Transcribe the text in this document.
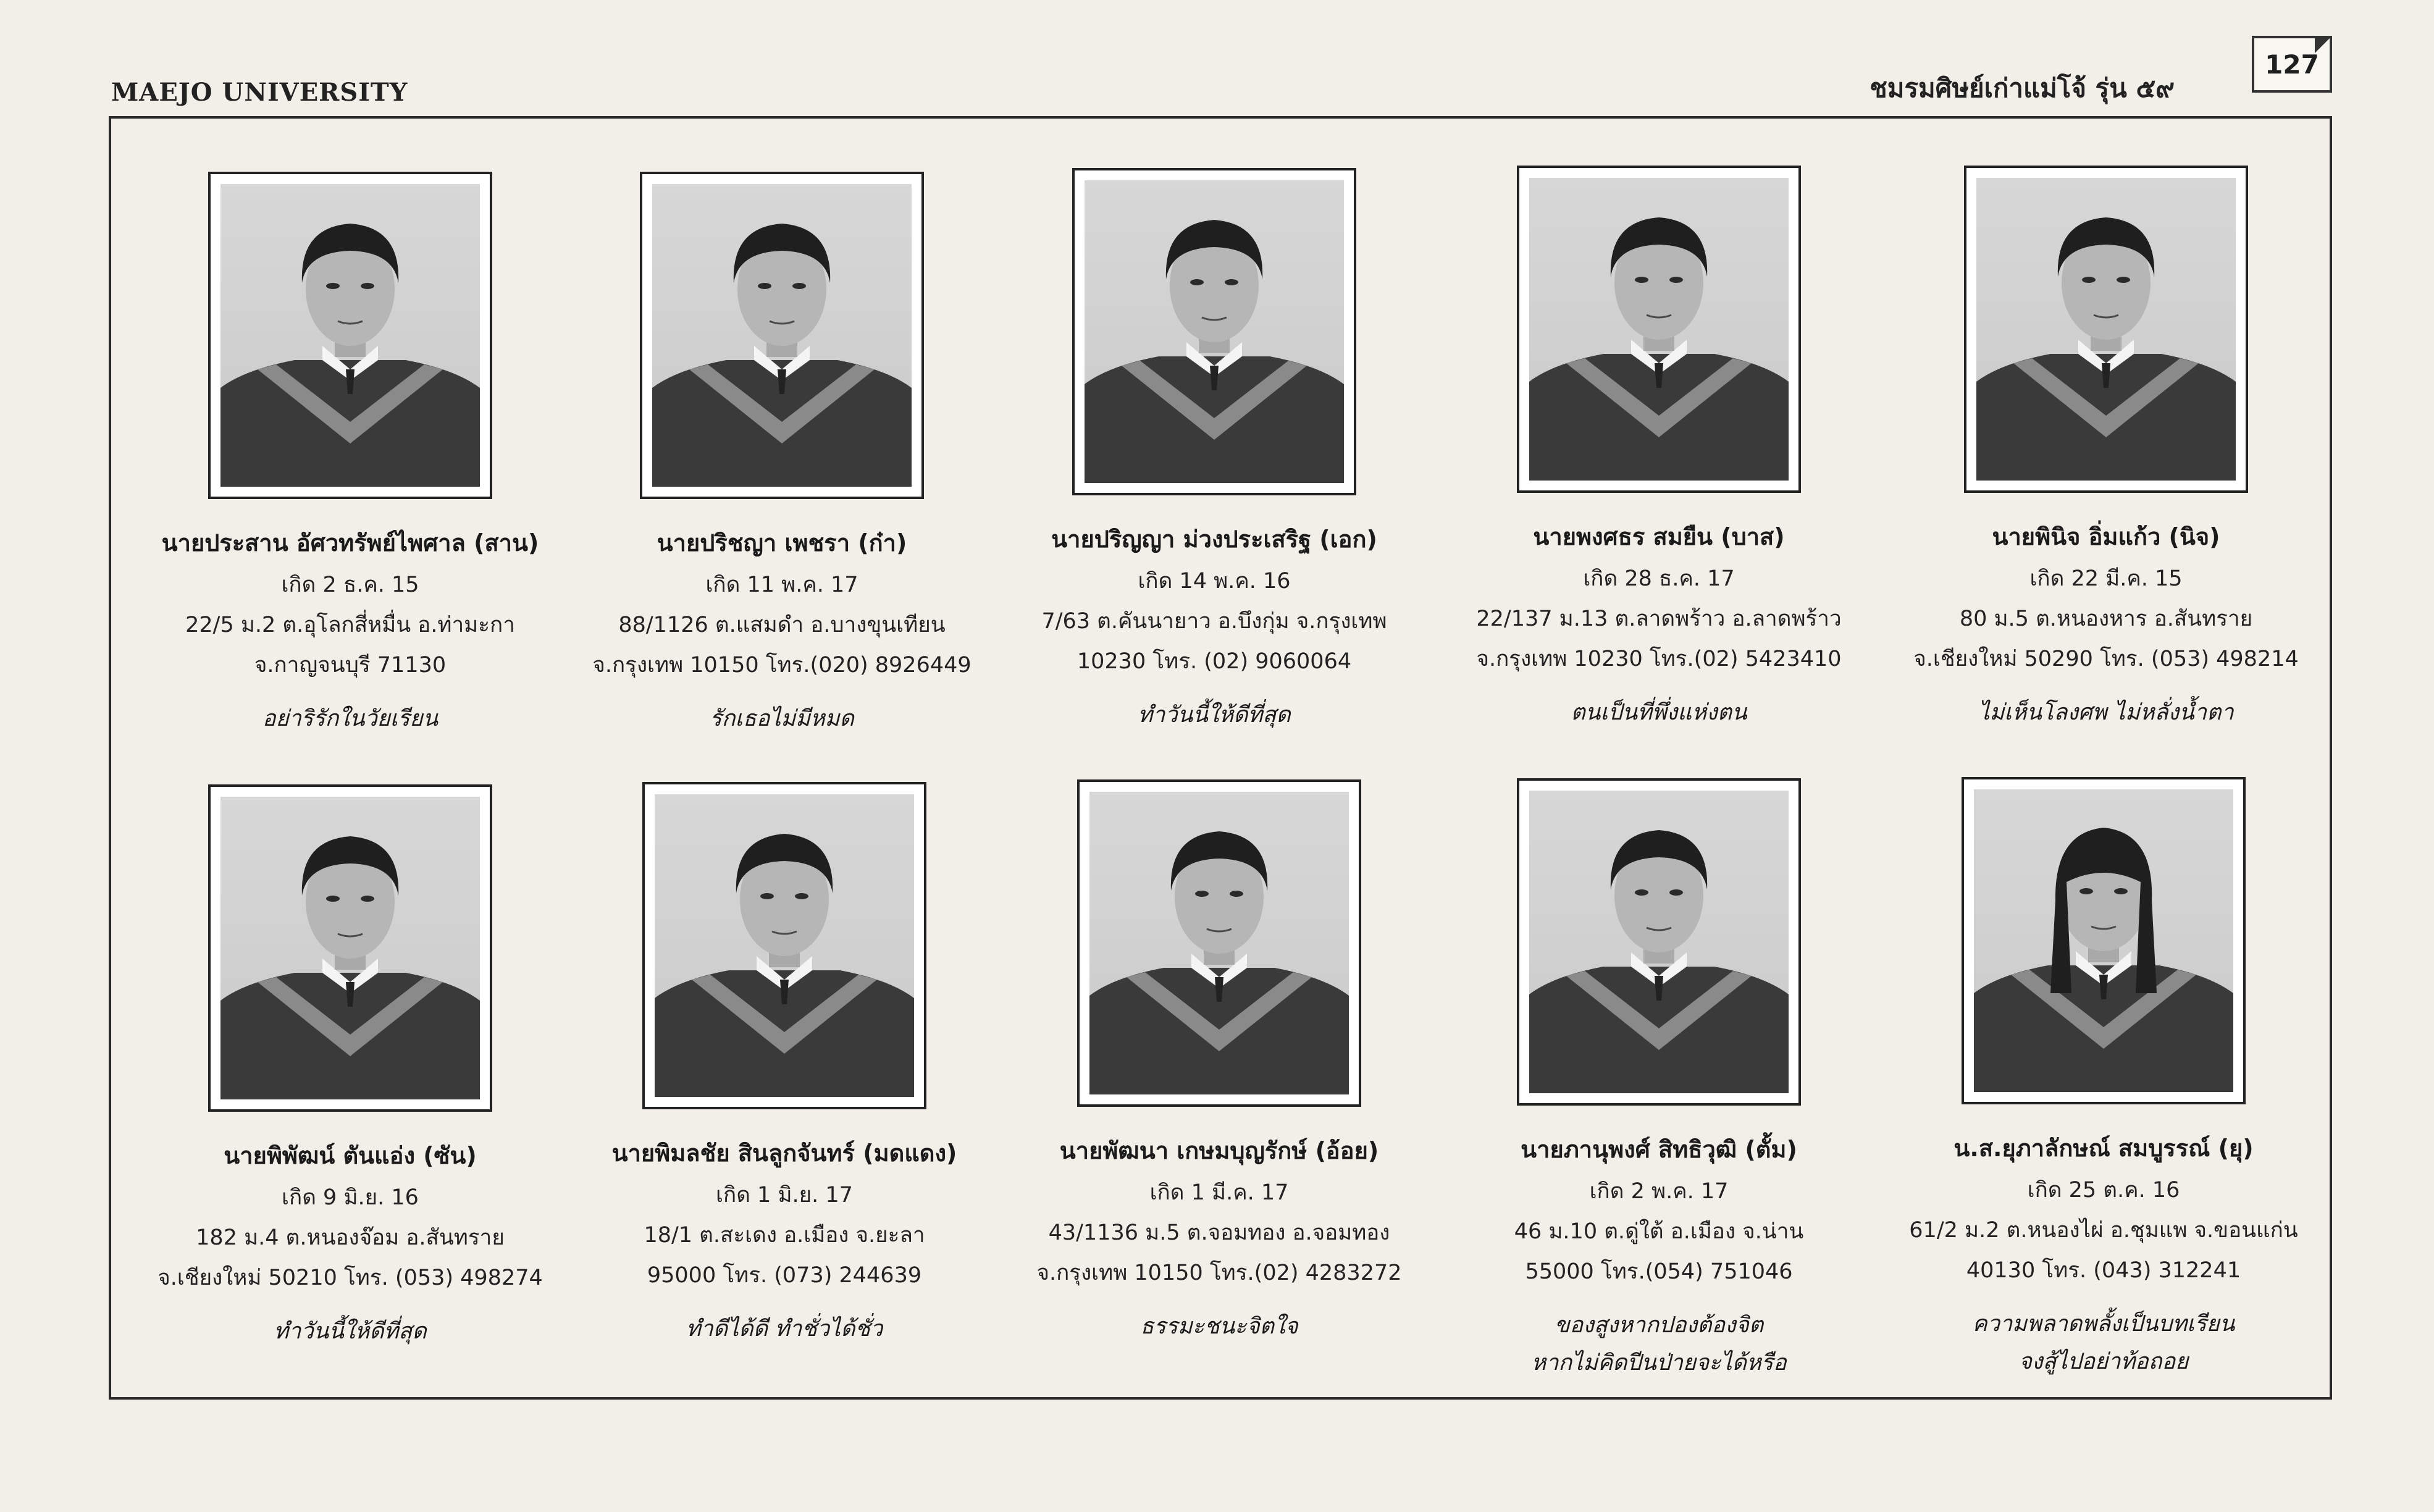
MAEJO UNIVERSITY	ชมรมศิษย์เก่าแม่โจ้ รุ่น ๕๙
127
นายประสาน อัศวทรัพย์ไพศาล (สาน)
เกิด 2 ธ.ค. 15
22/5 ม.2 ต.อุโลกสี่หมื่น อ.ท่ามะกา
จ.กาญจนบุรี 71130
อย่าริรักในวัยเรียน
นายปริชญา เพชรา (ก๋า)
เกิด 11 พ.ค. 17
88/1126 ต.แสมดำ อ.บางขุนเทียน
จ.กรุงเทพ 10150 โทร.(020) 8926449
รักเธอไม่มีหมด
นายปริญญา ม่วงประเสริฐ (เอก)
เกิด 14 พ.ค. 16
7/63 ต.คันนายาว อ.บึงกุ่ม จ.กรุงเทพ
10230 โทร. (02) 9060064
ทำวันนี้ให้ดีที่สุด
นายพงศธร สมยืน (บาส)
เกิด 28 ธ.ค. 17
22/137 ม.13 ต.ลาดพร้าว อ.ลาดพร้าว
จ.กรุงเทพ 10230 โทร.(02) 5423410
ตนเป็นที่พึ่งแห่งตน
นายพินิจ อิ่มแก้ว (นิจ)
เกิด 22 มี.ค. 15
80 ม.5 ต.หนองหาร อ.สันทราย
จ.เชียงใหม่ 50290 โทร. (053) 498214
ไม่เห็นโลงศพ ไม่หลั่งน้ำตา
นายพิพัฒน์ ตันแอ่ง (ซัน)
เกิด 9 มิ.ย. 16
182 ม.4 ต.หนองจ๊อม อ.สันทราย
จ.เชียงใหม่ 50210 โทร. (053) 498274
ทำวันนี้ให้ดีที่สุด
นายพิมลชัย สินลูกจันทร์ (มดแดง)
เกิด 1 มิ.ย. 17
18/1 ต.สะเดง อ.เมือง จ.ยะลา
95000 โทร. (073) 244639
ทำดีได้ดี ทำชั่วได้ชั่ว
นายพัฒนา เกษมบุญรักษ์ (อ้อย)
เกิด 1 มี.ค. 17
43/1136 ม.5 ต.จอมทอง อ.จอมทอง
จ.กรุงเทพ 10150 โทร.(02) 4283272
ธรรมะชนะจิตใจ
นายภานุพงศ์ สิทธิวุฒิ (ตั้ม)
เกิด 2 พ.ค. 17
46 ม.10 ต.ดู่ใต้ อ.เมือง จ.น่าน
55000 โทร.(054) 751046
ของสูงหากปองต้องจิต
หากไม่คิดปีนป่ายจะได้หรือ
น.ส.ยุภาลักษณ์ สมบูรรณ์ (ยุ)
เกิด 25 ต.ค. 16
61/2 ม.2 ต.หนองไผ่ อ.ชุมแพ จ.ขอนแก่น
40130 โทร. (043) 312241
ความพลาดพลั้งเป็นบทเรียน
จงสู้ไปอย่าท้อถอย
